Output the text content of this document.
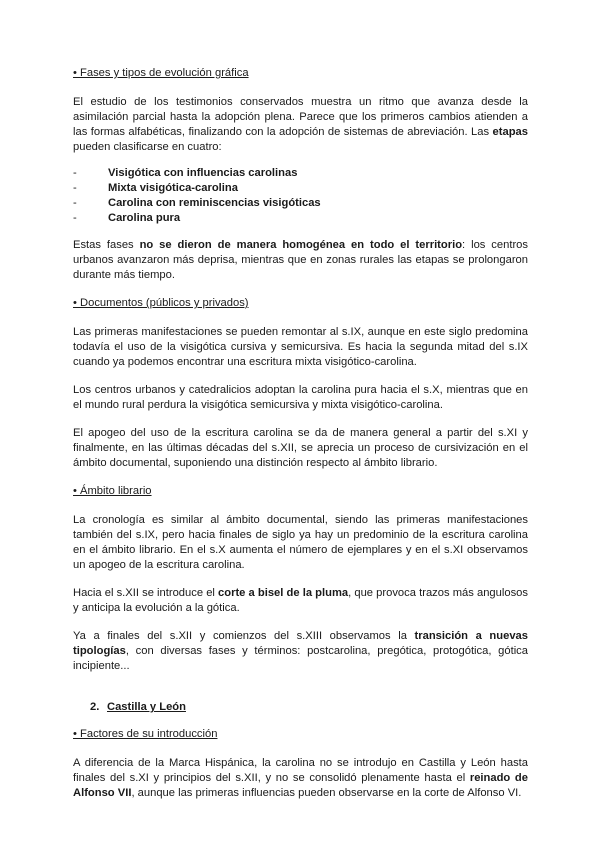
• Fases y tipos de evolución gráfica

El estudio de los testimonios conservados muestra un ritmo que avanza desde la asimilación parcial hasta la adopción plena. Parece que los primeros cambios atienden a las formas alfabéticas, finalizando con la adopción de sistemas de abreviación. Las etapas pueden clasificarse en cuatro:

-	Visigótica con influencias carolinas
-	Mixta visigótica-carolina
-	Carolina con reminiscencias visigóticas
-	Carolina pura

Estas fases no se dieron de manera homogénea en todo el territorio: los centros urbanos avanzaron más deprisa, mientras que en zonas rurales las etapas se prolongaron durante más tiempo.

• Documentos (públicos y privados)

Las primeras manifestaciones se pueden remontar al s.IX, aunque en este siglo predomina todavía el uso de la visigótica cursiva y semicursiva. Es hacia la segunda mitad del s.IX cuando ya podemos encontrar una escritura mixta visigótico-carolina.

Los centros urbanos y catedralicios adoptan la carolina pura hacia el s.X, mientras que en el mundo rural perdura la visigótica semicursiva y mixta visigótico-carolina.

El apogeo del uso de la escritura carolina se da de manera general a partir del s.XI y finalmente, en las últimas décadas del s.XII, se aprecia un proceso de cursivización en el ámbito documental, suponiendo una distinción respecto al ámbito librario.

• Ámbito librario

La cronología es similar al ámbito documental, siendo las primeras manifestaciones también del s.IX, pero hacia finales de siglo ya hay un predominio de la escritura carolina en el ámbito librario. En el s.X aumenta el número de ejemplares y en el s.XI observamos un apogeo de la escritura carolina.

Hacia el s.XII se introduce el corte a bisel de la pluma, que provoca trazos más angulosos y anticipa la evolución a la gótica.

Ya a finales del s.XII y comienzos del s.XIII observamos la transición a nuevas tipologías, con diversas fases y términos: postcarolina, pregótica, protogótica, gótica incipiente...

2. Castilla y León
• Factores de su introducción

A diferencia de la Marca Hispánica, la carolina no se introdujo en Castilla y León hasta finales del s.XI y principios del s.XII, y no se consolidó plenamente hasta el reinado de Alfonso VII, aunque las primeras influencias pueden observarse en la corte de Alfonso VI.
